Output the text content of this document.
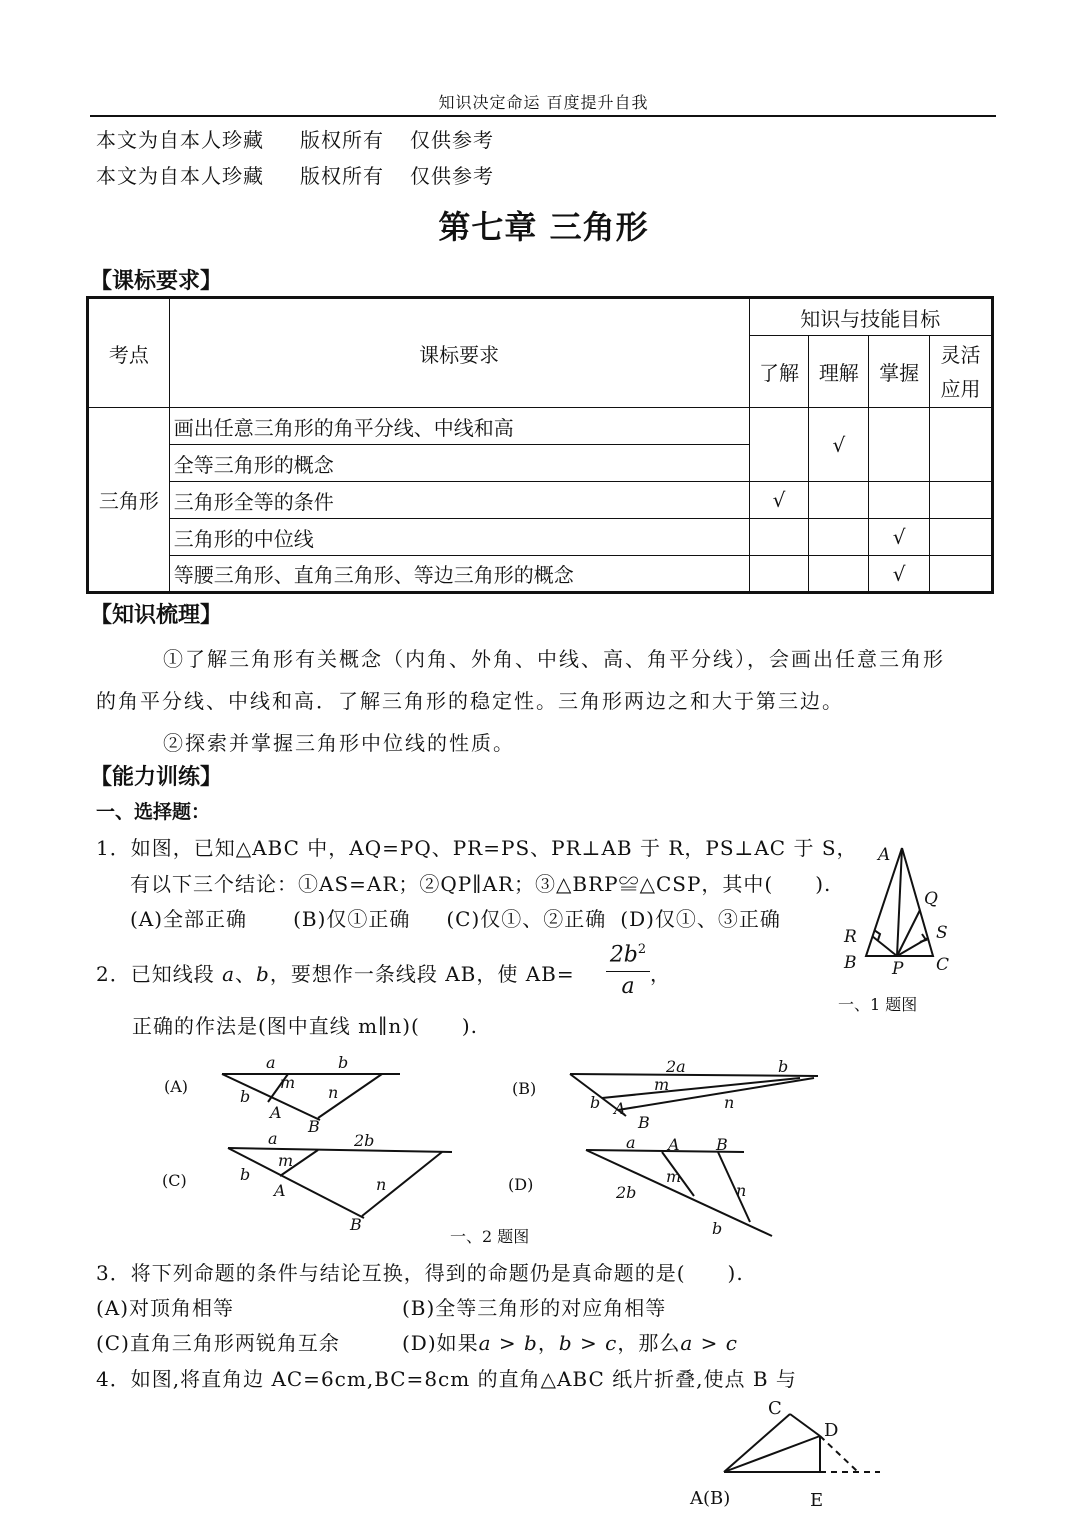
知识决定命运 百度提升自我
本文为自本人珍藏 版权所有 仅供参考
本文为自本人珍藏 版权所有 仅供参考
第七章 三角形
【课标要求】
考点	课标要求	知识与技能目标			
		了解	理解	掌握	灵活应用
三角形	画出任意三角形的角平分线、中线和高		√		
	全等三角形的概念				
	三角形全等的条件	√			
	三角形的中位线			√	
	等腰三角形、直角三角形、等边三角形的概念			√	
【知识梳理】
①了解三角形有关概念（内角、外角、中线、高、角平分线），会画出任意三角形
的角平分线、中线和高．了解三角形的稳定性。三角形两边之和大于第三边。
②探索并掌握三角形中位线的性质。
【能力训练】
一、选择题：
1．如图，已知△ABC 中，AQ=PQ、PR=PS、PR⊥AB 于 R，PS⊥AC 于 S，
有以下三个结论：①AS=AR；②QP∥AR；③△BRP≌△CSP，其中(　　).
(A)全部正确 (B)仅①正确 (C)仅①、②正确 (D)仅①、③正确
A
Q
R	S
B P C
一、1 题图
2．已知线段 a、b，要想作一条线段 AB，使 AB=
$2b^2$
a
，
正确的作法是(图中直线 m∥n)(　　).
(A)
a	b
m
n
b
A
B
(B)
2a	b
m
n
b A
B
(C)
a	2b
m
n
b
A
B
(D)
a A B
m
n
2b
b
一、2 题图
3．将下列命题的条件与结论互换，得到的命题仍是真命题的是(　　).
(A)对顶角相等	(B)全等三角形的对应角相等
(C)直角三角形两锐角互余	(D)如果a > b，b > c，那么a > c
4．如图,将直角边 AC=6cm,BC=8cm 的直角△ABC 纸片折叠,使点 B 与
C
D
A(B)	E
